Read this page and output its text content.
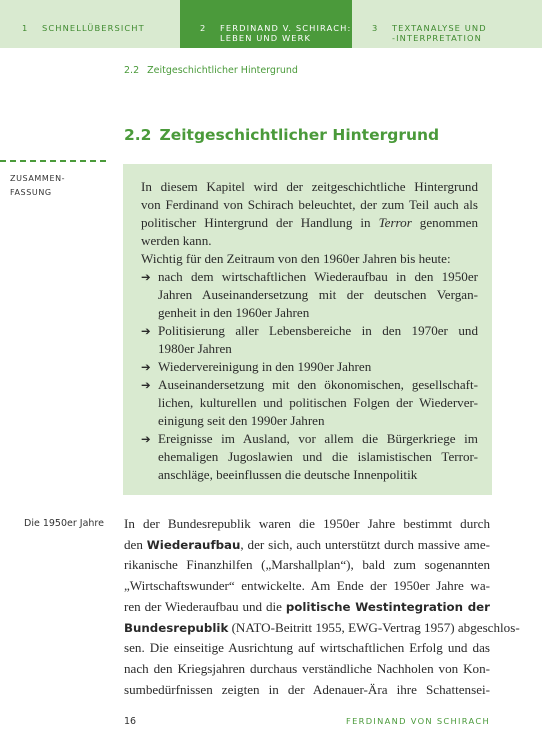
1 SCHNELLÜBERSICHT	2 FERDINAND V. SCHIRACH:
LEBEN UND WERK
3 TEXTANALYSE UND
-INTERPRETATION
2.2 Zeitgeschichtlicher Hintergrund
2.2 Zeitgeschichtlicher Hintergrund
ZUSAMMEN-
FASSUNG	In diesem Kapitel wird der zeitgeschichtliche Hintergrund
von Ferdinand von Schirach beleuchtet, der zum Teil auch als
politischer Hintergrund der Handlung in Terror genommen
werden kann.

Wichtig für den Zeitraum von den 1960er Jahren bis heute:

➔ nach dem wirtschaftlichen Wiederaufbau in den 1950er
Jahren Auseinandersetzung mit der deutschen Vergan-
genheit in den 1960er Jahren
➔ Politisierung aller Lebensbereiche in den 1970er und
1980er Jahren
➔ Wiedervereinigung in den 1990er Jahren
➔ Auseinandersetzung mit den ökonomischen, gesellschaft-
lichen, kulturellen und politischen Folgen der Wiederver-
einigung seit den 1990er Jahren
➔ Ereignisse im Ausland, vor allem die Bürgerkriege im
ehemaligen Jugoslawien und die islamistischen Terror-
anschläge, beeinflussen die deutsche Innenpolitik
Die 1950er Jahre In der Bundesrepublik waren die 1950er Jahre bestimmt durch
den Wiederaufbau, der sich, auch unterstützt durch massive ame-
rikanische Finanzhilfen („Marshallplan“), bald zum sogenannten
„Wirtschaftswunder“ entwickelte. Am Ende der 1950er Jahre wa-
ren der Wiederaufbau und die politische Westintegration der
Bundesrepublik (NATO-Beitritt 1955, EWG-Vertrag 1957) abgeschlos-
sen. Die einseitige Ausrichtung auf wirtschaftlichen Erfolg und das
nach den Kriegsjahren durchaus verständliche Nachholen von Kon-
sumbedürfnissen zeigten in der Adenauer-Ära ihre Schattensei-
16	FERDINAND VON SCHIRACH
